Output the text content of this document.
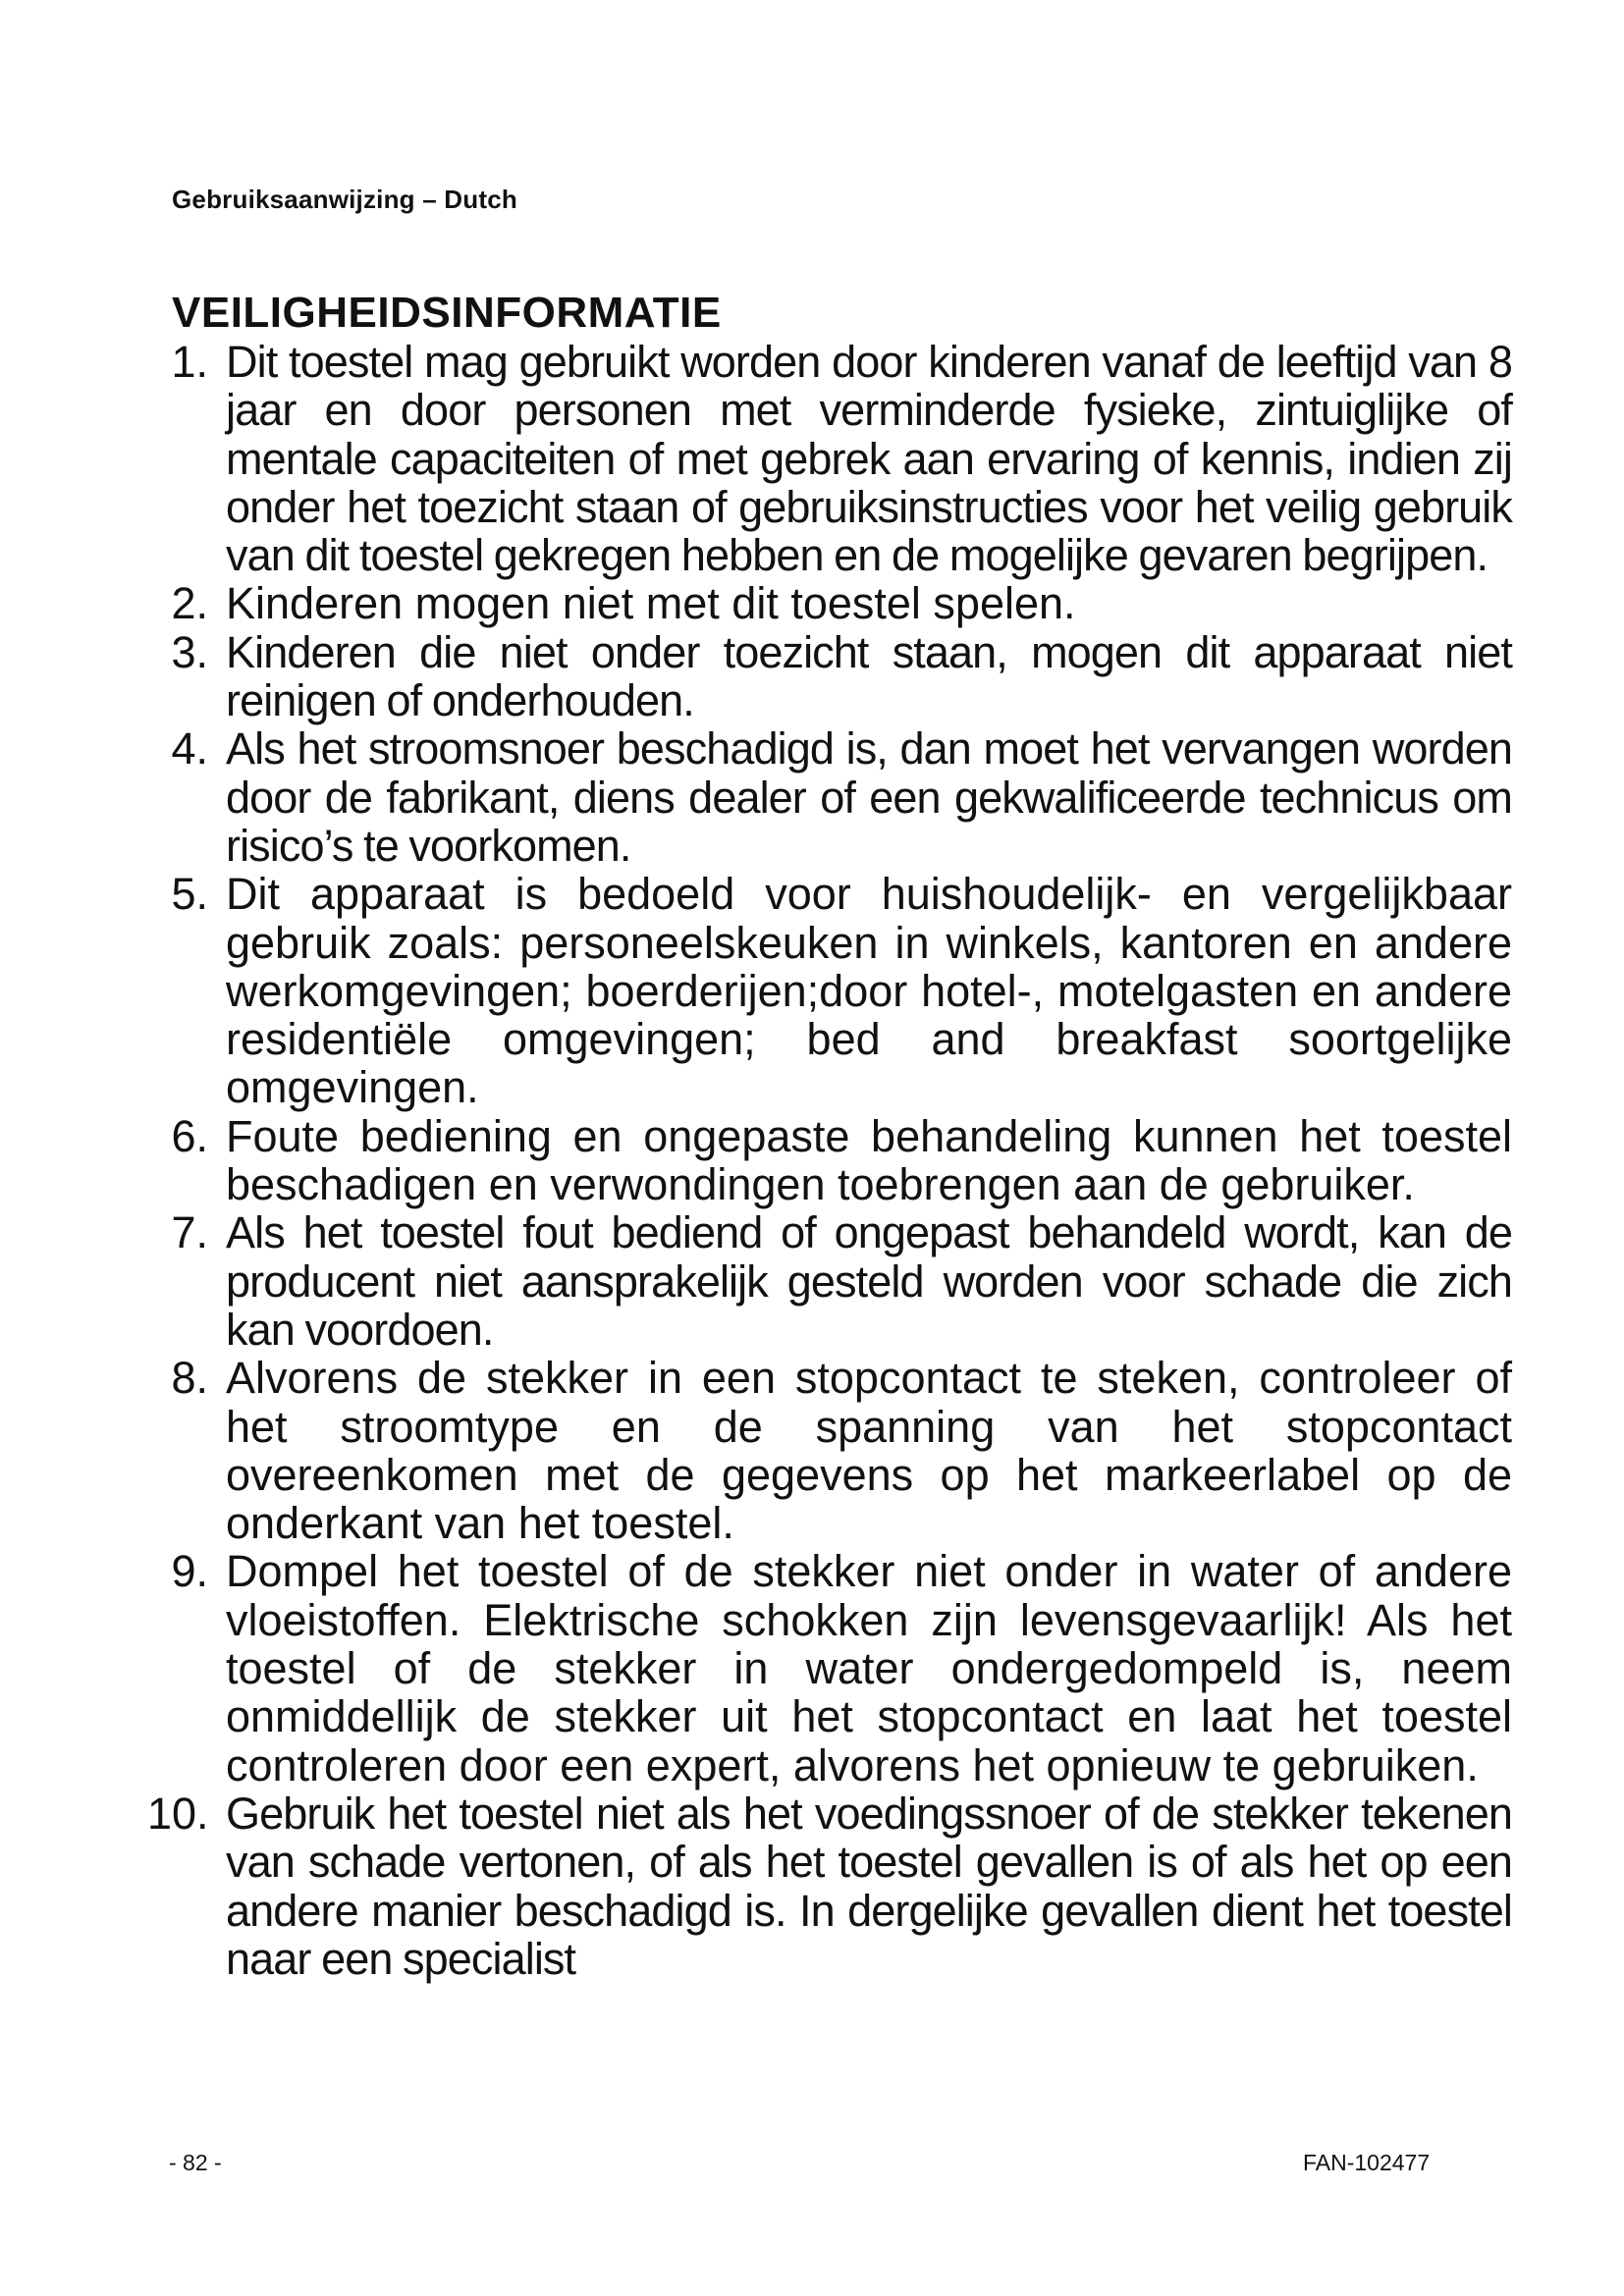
Gebruiksaanwijzing – Dutch
VEILIGHEIDSINFORMATIE
1. Dit toestel mag gebruikt worden door kinderen vanaf de leeftijd van 8 jaar en door personen met verminderde fysieke, zintuiglijke of mentale capaciteiten of met gebrek aan ervaring of kennis, indien zij onder het toezicht staan of gebruiksinstructies voor het veilig gebruik van dit toestel gekregen hebben en de mogelijke gevaren begrijpen.
2. Kinderen mogen niet met dit toestel spelen.
3. Kinderen die niet onder toezicht staan, mogen dit apparaat niet reinigen of onderhouden.
4. Als het stroomsnoer beschadigd is, dan moet het vervangen worden door de fabrikant, diens dealer of een gekwalificeerde technicus om risico’s te voorkomen.
5. Dit apparaat is bedoeld voor huishoudelijk- en vergelijkbaar gebruik zoals: personeelskeuken in winkels, kantoren en andere werkomgevingen; boerderijen;door hotel-, motelgasten en andere residentiële omgevingen; bed and breakfast soortgelijke omgevingen.
6. Foute bediening en ongepaste behandeling kunnen het toestel beschadigen en verwondingen toebrengen aan de gebruiker.
7. Als het toestel fout bediend of ongepast behandeld wordt, kan de producent niet aansprakelijk gesteld worden voor schade die zich kan voordoen.
8. Alvorens de stekker in een stopcontact te steken, controleer of het stroomtype en de spanning van het stopcontact overeenkomen met de gegevens op het markeerlabel op de onderkant van het toestel.
9. Dompel het toestel of de stekker niet onder in water of andere vloeistoffen. Elektrische schokken zijn levensgevaarlijk! Als het toestel of de stekker in water ondergedompeld is, neem onmiddellijk de stekker uit het stopcontact en laat het toestel controleren door een expert, alvorens het opnieuw te gebruiken.
10. Gebruik het toestel niet als het voedingssnoer of de stekker tekenen van schade vertonen, of als het toestel gevallen is of als het op een andere manier beschadigd is. In dergelijke gevallen dient het toestel naar een specialist
- 82 -	FAN-102477
